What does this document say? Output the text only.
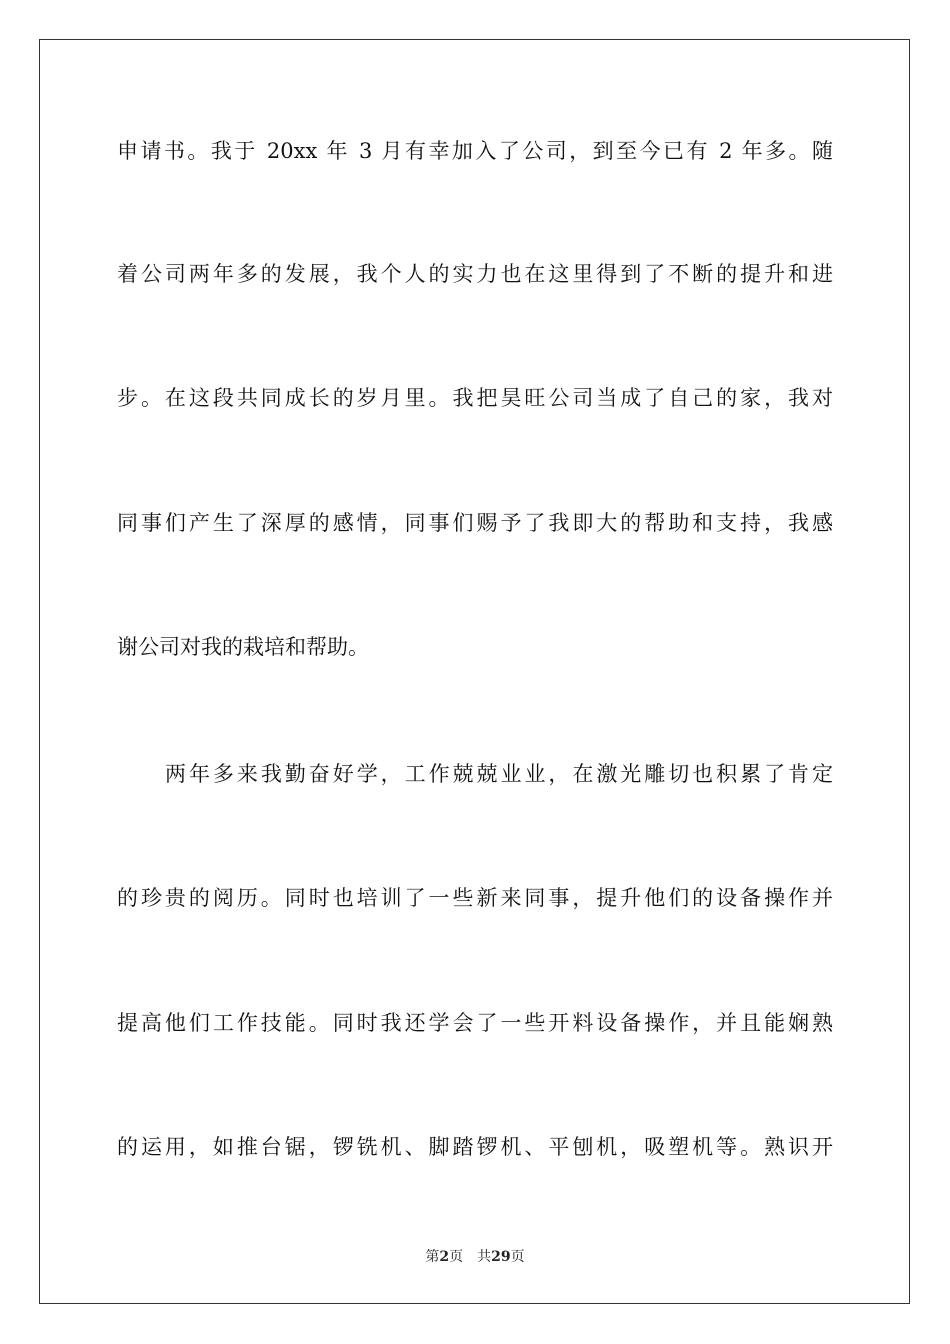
申请书。我于 20xx 年 3 月有幸加入了公司，到至今已有 2 年多。随
着公司两年多的发展，我个人的实力也在这里得到了不断的提升和进
步。在这段共同成长的岁月里。我把昊旺公司当成了自己的家，我对
同事们产生了深厚的感情，同事们赐予了我即大的帮助和支持，我感
谢公司对我的栽培和帮助。
两年多来我勤奋好学，工作兢兢业业，在激光雕切也积累了肯定
的珍贵的阅历。同时也培训了一些新来同事，提升他们的设备操作并
提高他们工作技能。同时我还学会了一些开料设备操作，并且能娴熟
的运用，如推台锯，锣铣机、脚踏锣机、平刨机，吸塑机等。熟识开
第2页 共29页
